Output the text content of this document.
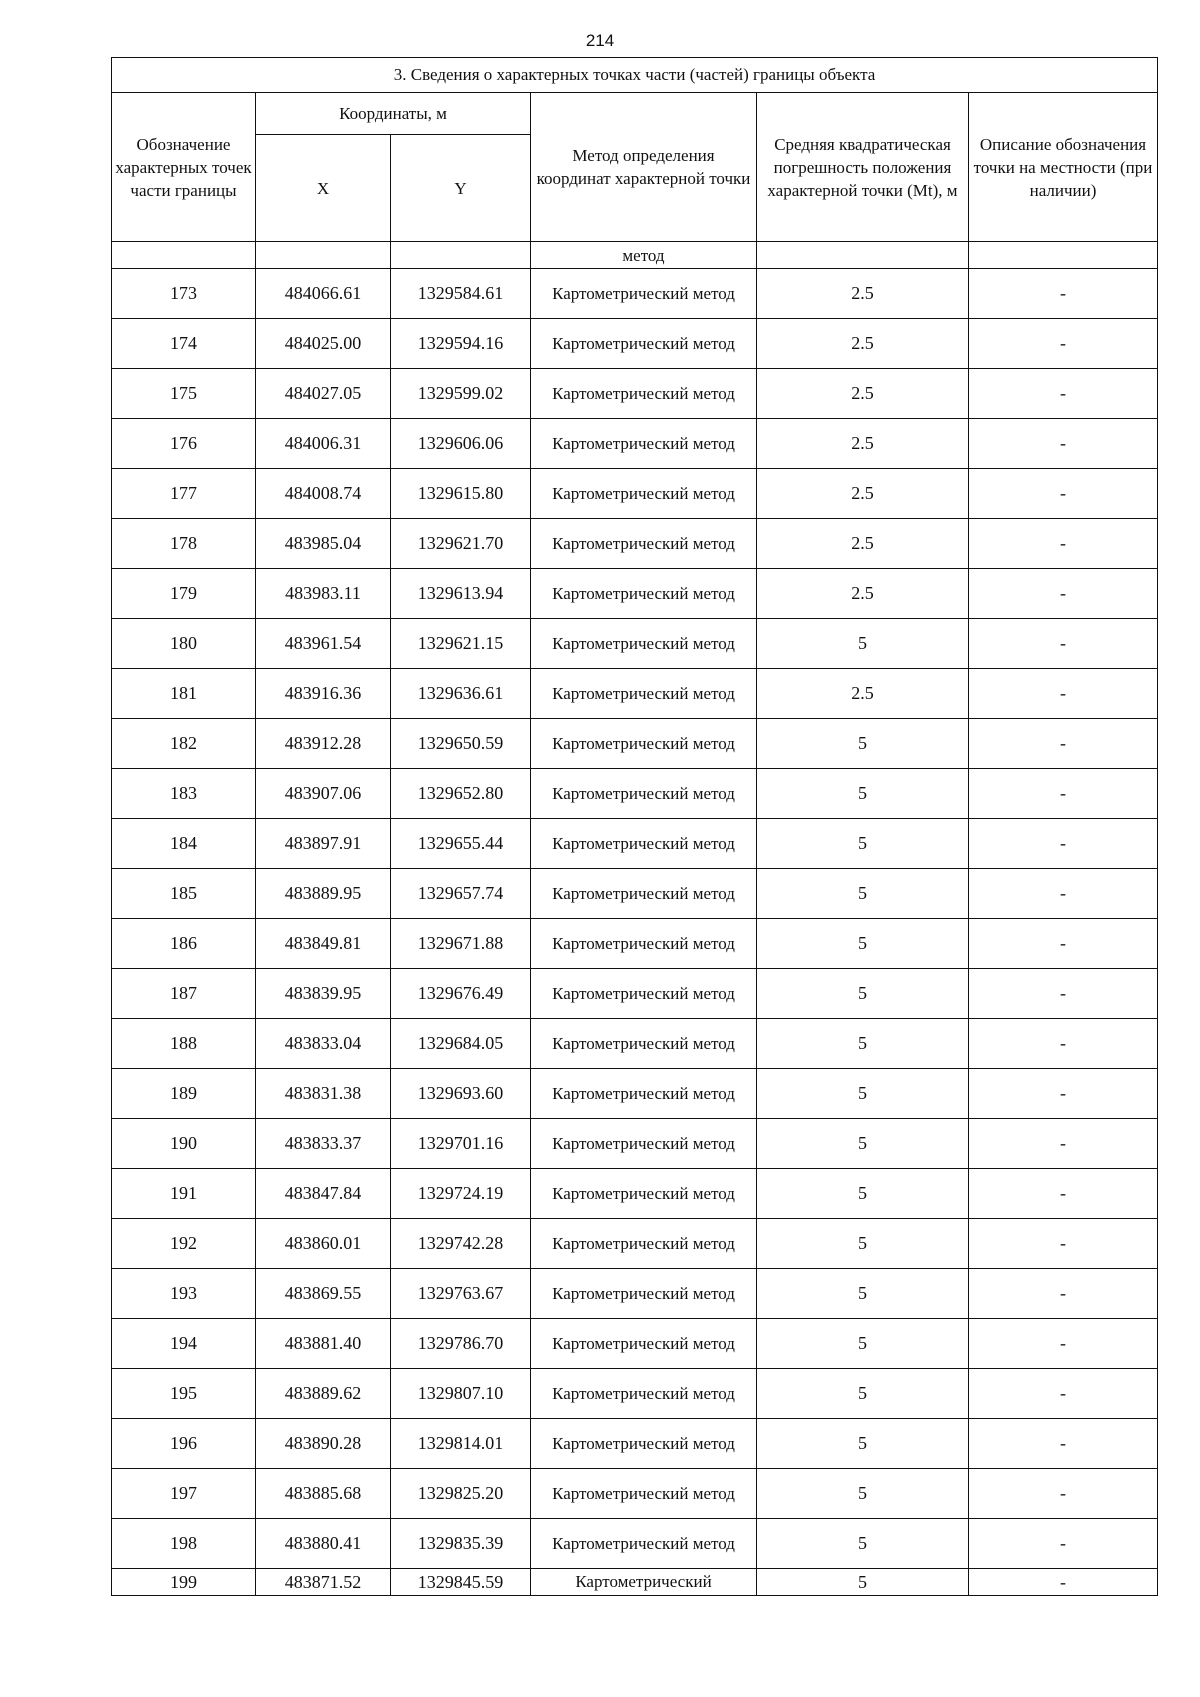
214
3. Сведения о характерных точках части (частей) границы объекта					
Обозначение характерных точек части границы	Координаты, м		Метод определения координат характерной точки	Средняя квадратическая погрешность положения характерной точки (Mt), м	Описание обозначения точки на местности (при наличии)
	X	Y			
			метод		
173	484066.61	1329584.61	Картометрический метод	2.5	-
174	484025.00	1329594.16	Картометрический метод	2.5	-
175	484027.05	1329599.02	Картометрический метод	2.5	-
176	484006.31	1329606.06	Картометрический метод	2.5	-
177	484008.74	1329615.80	Картометрический метод	2.5	-
178	483985.04	1329621.70	Картометрический метод	2.5	-
179	483983.11	1329613.94	Картометрический метод	2.5	-
180	483961.54	1329621.15	Картометрический метод	5	-
181	483916.36	1329636.61	Картометрический метод	2.5	-
182	483912.28	1329650.59	Картометрический метод	5	-
183	483907.06	1329652.80	Картометрический метод	5	-
184	483897.91	1329655.44	Картометрический метод	5	-
185	483889.95	1329657.74	Картометрический метод	5	-
186	483849.81	1329671.88	Картометрический метод	5	-
187	483839.95	1329676.49	Картометрический метод	5	-
188	483833.04	1329684.05	Картометрический метод	5	-
189	483831.38	1329693.60	Картометрический метод	5	-
190	483833.37	1329701.16	Картометрический метод	5	-
191	483847.84	1329724.19	Картометрический метод	5	-
192	483860.01	1329742.28	Картометрический метод	5	-
193	483869.55	1329763.67	Картометрический метод	5	-
194	483881.40	1329786.70	Картометрический метод	5	-
195	483889.62	1329807.10	Картометрический метод	5	-
196	483890.28	1329814.01	Картометрический метод	5	-
197	483885.68	1329825.20	Картометрический метод	5	-
198	483880.41	1329835.39	Картометрический метод	5	-
199	483871.52	1329845.59	Картометрический	5	-
